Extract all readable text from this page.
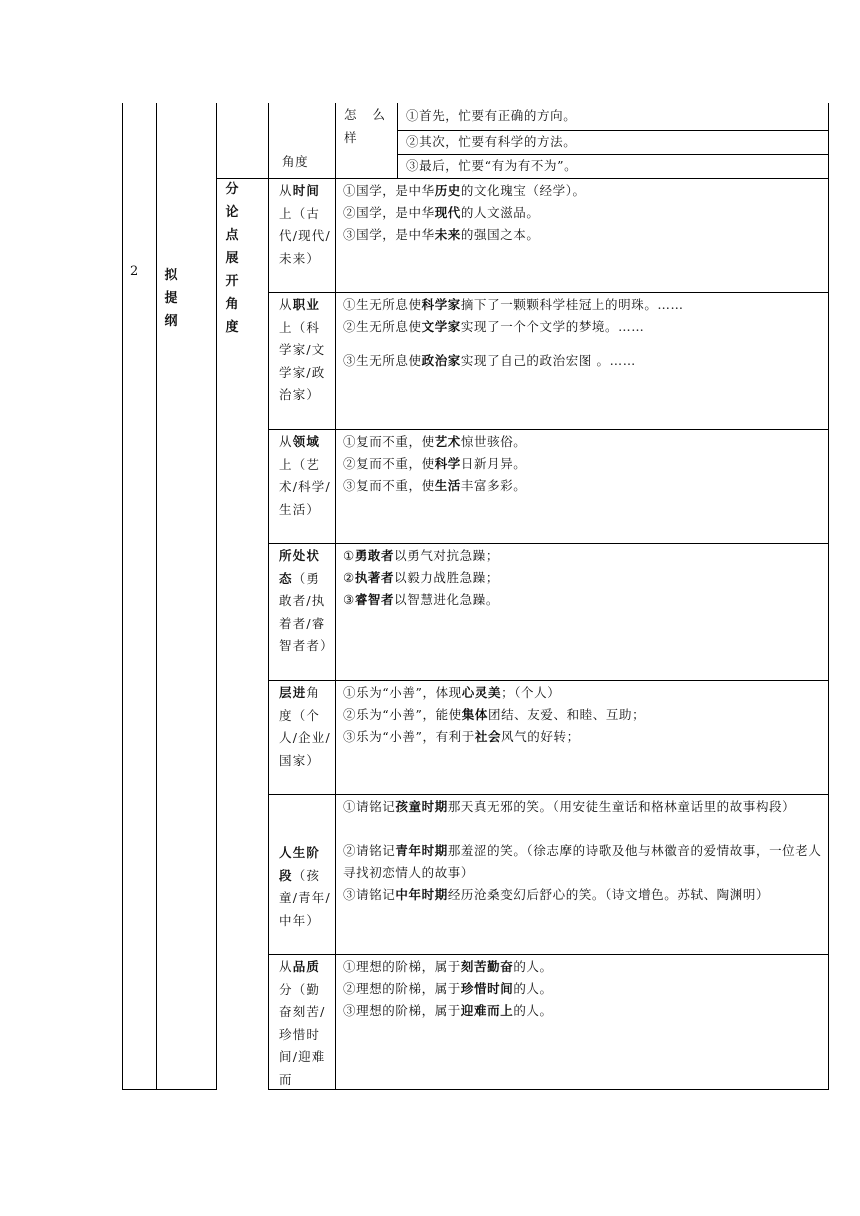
2 拟提纲
分论点展开角度
角度
怎 么 样
①首先，忙要有正确的方向。
②其次，忙要有科学的方法。
③最后，忙要“有为有不为”。
从时间上（古代/现代/未来）
①国学，是中华历史的文化瑰宝（经学）。
②国学，是中华现代的人文滋品。
③国学，是中华未来的强国之本。
从职业上（科学家/文学家/政治家）
①生无所息使科学家摘下了一颗颗科学桂冠上的明珠。……
②生无所息使文学家实现了一个个文学的梦境。……
③生无所息使政治家实现了自己的政治宏图 。……
从领域上（艺术/科学/生活）
①复而不重，使艺术惊世骇俗。
②复而不重，使科学日新月异。
③复而不重，使生活丰富多彩。
所处状态（勇敢者/执着者/睿智者者）
①勇敢者以勇气对抗急躁；
②执著者以毅力战胜急躁；
③睿智者以智慧进化急躁。
层进角度（个人/企业/国家）
①乐为“小善”，体现心灵美；（个人）
②乐为“小善”，能使集体团结、友爱、和睦、互助；
③乐为“小善”，有利于社会风气的好转；
人生阶段（孩童/青年/中年）
①请铭记孩童时期那天真无邪的笑。（用安徒生童话和格林童话里的故事构段）
②请铭记青年时期那羞涩的笑。（徐志摩的诗歌及他与林徽音的爱情故事，一位老人寻找初恋情人的故事）
③请铭记中年时期经历沧桑变幻后舒心的笑。（诗文增色。苏轼、陶渊明）
从品质分（勤奋刻苦/珍惜时间/迎难而
①理想的阶梯，属于刻苦勤奋的人。
②理想的阶梯，属于珍惜时间的人。
③理想的阶梯，属于迎难而上的人。
